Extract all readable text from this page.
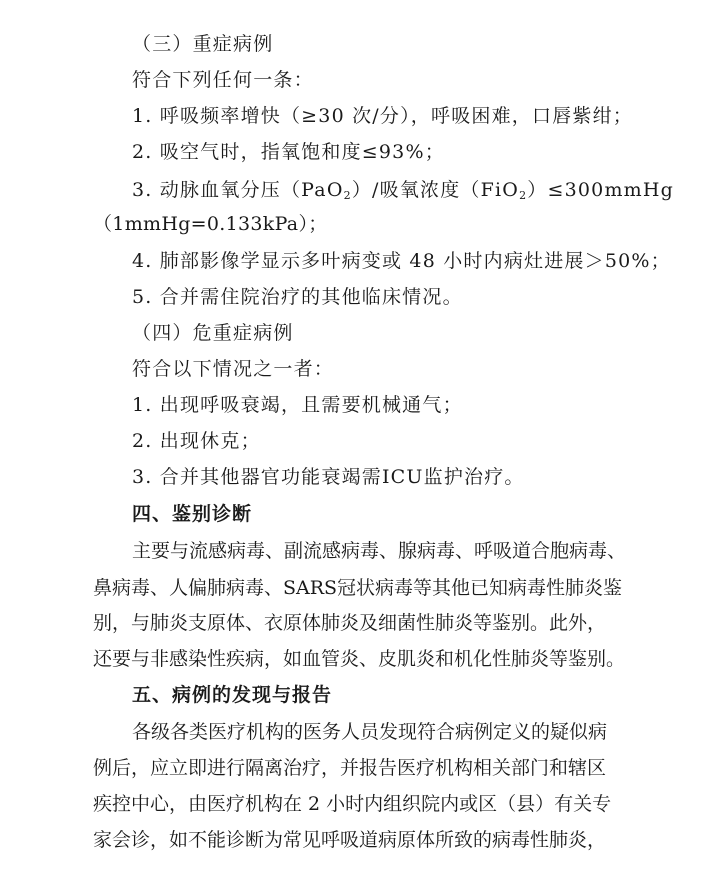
（三）重症病例
符合下列任何一条：
1. 呼吸频率增快（≥30 次/分），呼吸困难，口唇紫绀；
2. 吸空气时，指氧饱和度≤93%；
3. 动脉血氧分压（PaO$_2$）/吸氧浓度（FiO$_2$）≤300mmHg
（1mmHg=0.133kPa）；
4. 肺部影像学显示多叶病变或 48 小时内病灶进展＞50%；
5. 合并需住院治疗的其他临床情况。
（四）危重症病例
符合以下情况之一者：
1. 出现呼吸衰竭，且需要机械通气；
2. 出现休克；
3. 合并其他器官功能衰竭需ICU监护治疗。
四、鉴别诊断
主要与流感病毒、副流感病毒、腺病毒、呼吸道合胞病毒、
鼻病毒、人偏肺病毒、SARS冠状病毒等其他已知病毒性肺炎鉴
别，与肺炎支原体、衣原体肺炎及细菌性肺炎等鉴别。此外，
还要与非感染性疾病，如血管炎、皮肌炎和机化性肺炎等鉴别。
五、病例的发现与报告
各级各类医疗机构的医务人员发现符合病例定义的疑似病
例后，应立即进行隔离治疗，并报告医疗机构相关部门和辖区
疾控中心，由医疗机构在 2 小时内组织院内或区（县）有关专
家会诊，如不能诊断为常见呼吸道病原体所致的病毒性肺炎，
